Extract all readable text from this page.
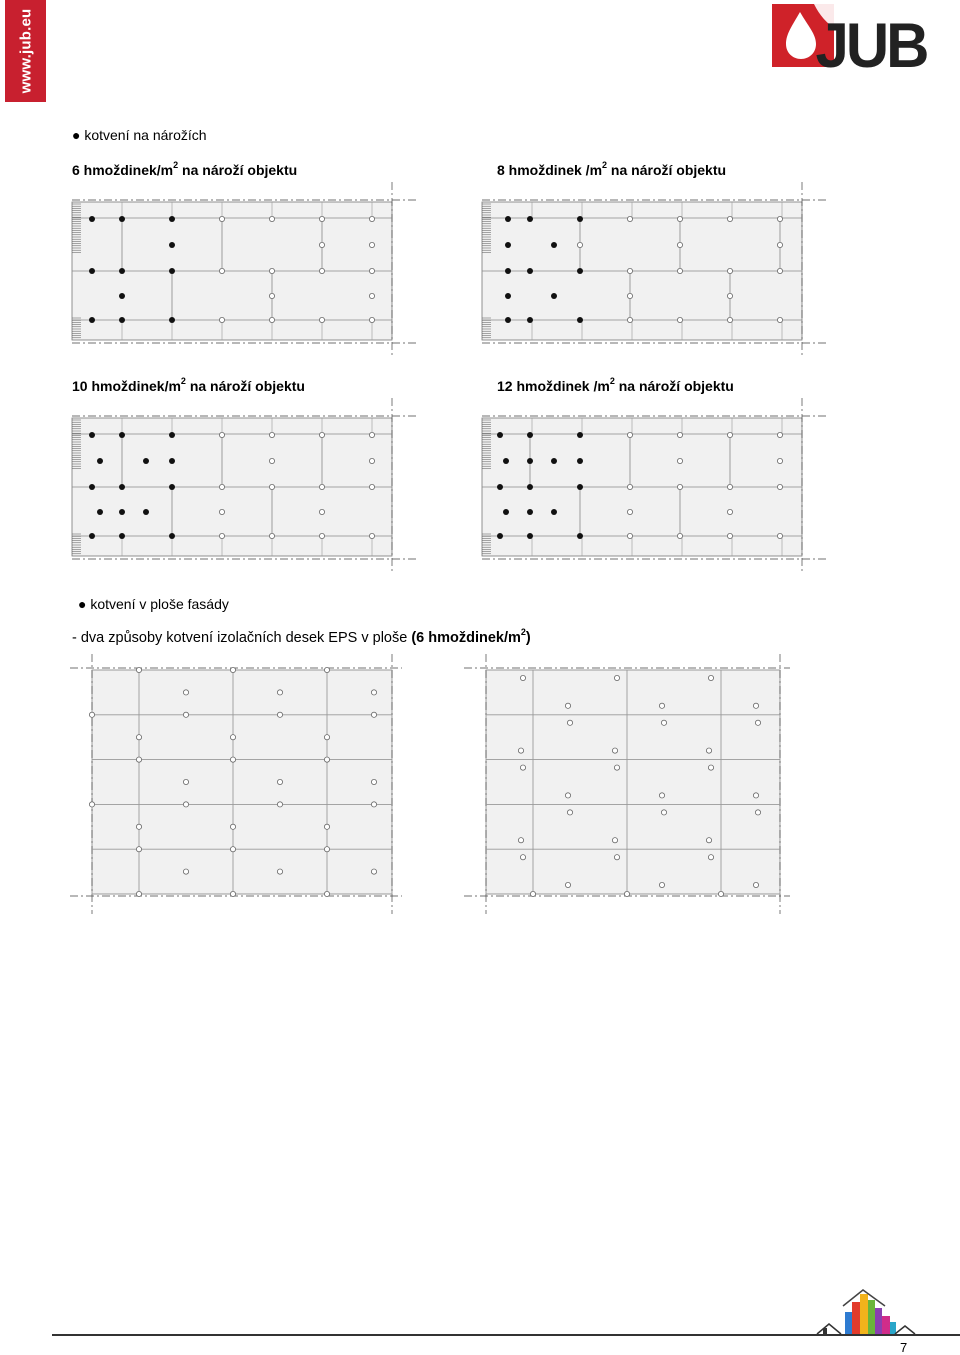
www.jub.eu	JUB
● kotvení na nárožích
6 hmoždinek/$m^2$ na nároží objektu	8 hmoždinek $/m^2$ na nároží objektu
10 hmoždinek/$m^2$ na nároží objektu	12 hmoždinek $/m^2$ na nároží objektu
● kotvení v ploše fasády
- dva způsoby kotvení izolačních desek EPS v ploše (6 hmoždinek/$m^2$)
7
